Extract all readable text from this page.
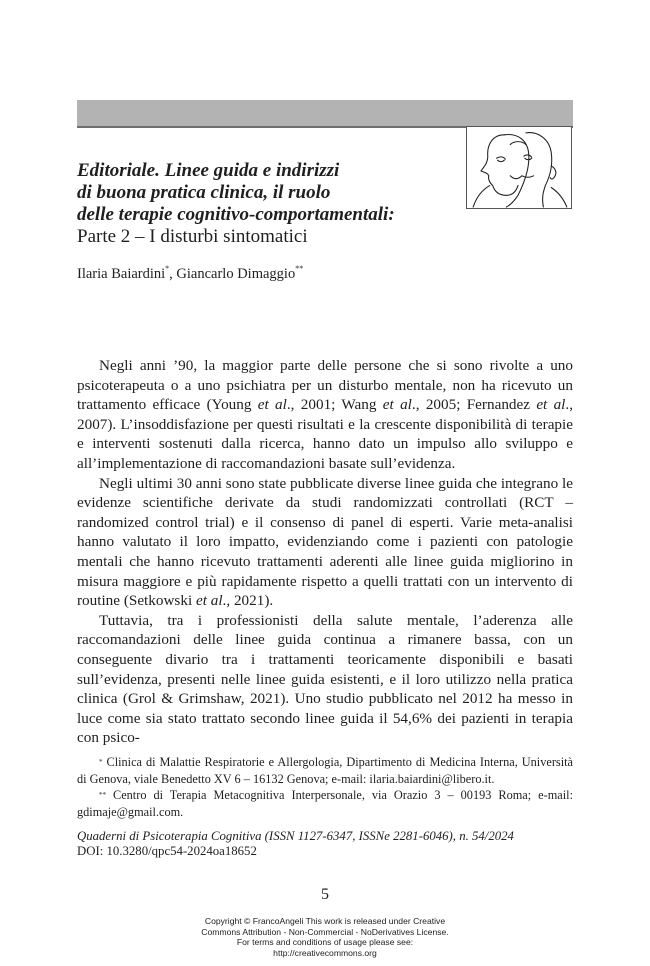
Editoriale. Linee guida e indirizzi
di buona pratica clinica, il ruolo
delle terapie cognitivo-comportamentali:
Parte 2 – I disturbi sintomatici
Ilaria Baiardini*, Giancarlo Dimaggio**

Negli anni ’90, la maggior parte delle persone che si sono rivolte a uno psicoterapeuta o a uno psichiatra per un disturbo mentale, non ha ricevuto un trattamento efficace (Young et al., 2001; Wang et al., 2005; Fernandez et al., 2007). L’insoddisfazione per questi risultati e la crescente disponibilità di terapie e interventi sostenuti dalla ricerca, hanno dato un impulso allo sviluppo e all’implementazione di raccomandazioni basate sull’evidenza.

Negli ultimi 30 anni sono state pubblicate diverse linee guida che integrano le evidenze scientifiche derivate da studi randomizzati controllati (RCT – randomized control trial) e il consenso di panel di esperti. Varie meta-analisi hanno valutato il loro impatto, evidenziando come i pazienti con patologie mentali che hanno ricevuto trattamenti aderenti alle linee guida migliorino in misura maggiore e più rapidamente rispetto a quelli trattati con un intervento di routine (Setkowski et al., 2021).

Tuttavia, tra i professionisti della salute mentale, l’aderenza alle raccomandazioni delle linee guida continua a rimanere bassa, con un conseguente divario tra i trattamenti teoricamente disponibili e basati sull’evidenza, presenti nelle linee guida esistenti, e il loro utilizzo nella pratica clinica (Grol & Grimshaw, 2021). Uno studio pubblicato nel 2012 ha messo in luce come sia stato trattato secondo linee guida il 54,6% dei pazienti in terapia con psico-

* Clinica di Malattie Respiratorie e Allergologia, Dipartimento di Medicina Interna, Università di Genova, viale Benedetto XV 6 – 16132 Genova; e-mail: ilaria.baiardini@libero.it.

** Centro di Terapia Metacognitiva Interpersonale, via Orazio 3 – 00193 Roma; e-mail: gdimaje@gmail.com.

Quaderni di Psicoterapia Cognitiva (ISSN 1127-6347, ISSNe 2281-6046), n. 54/2024
DOI: 10.3280/qpc54-2024oa18652
5
Copyright © FrancoAngeli This work is released under Creative
Commons Attribution - Non-Commercial - NoDerivatives License.
For terms and conditions of usage please see:
http://creativecommons.org
